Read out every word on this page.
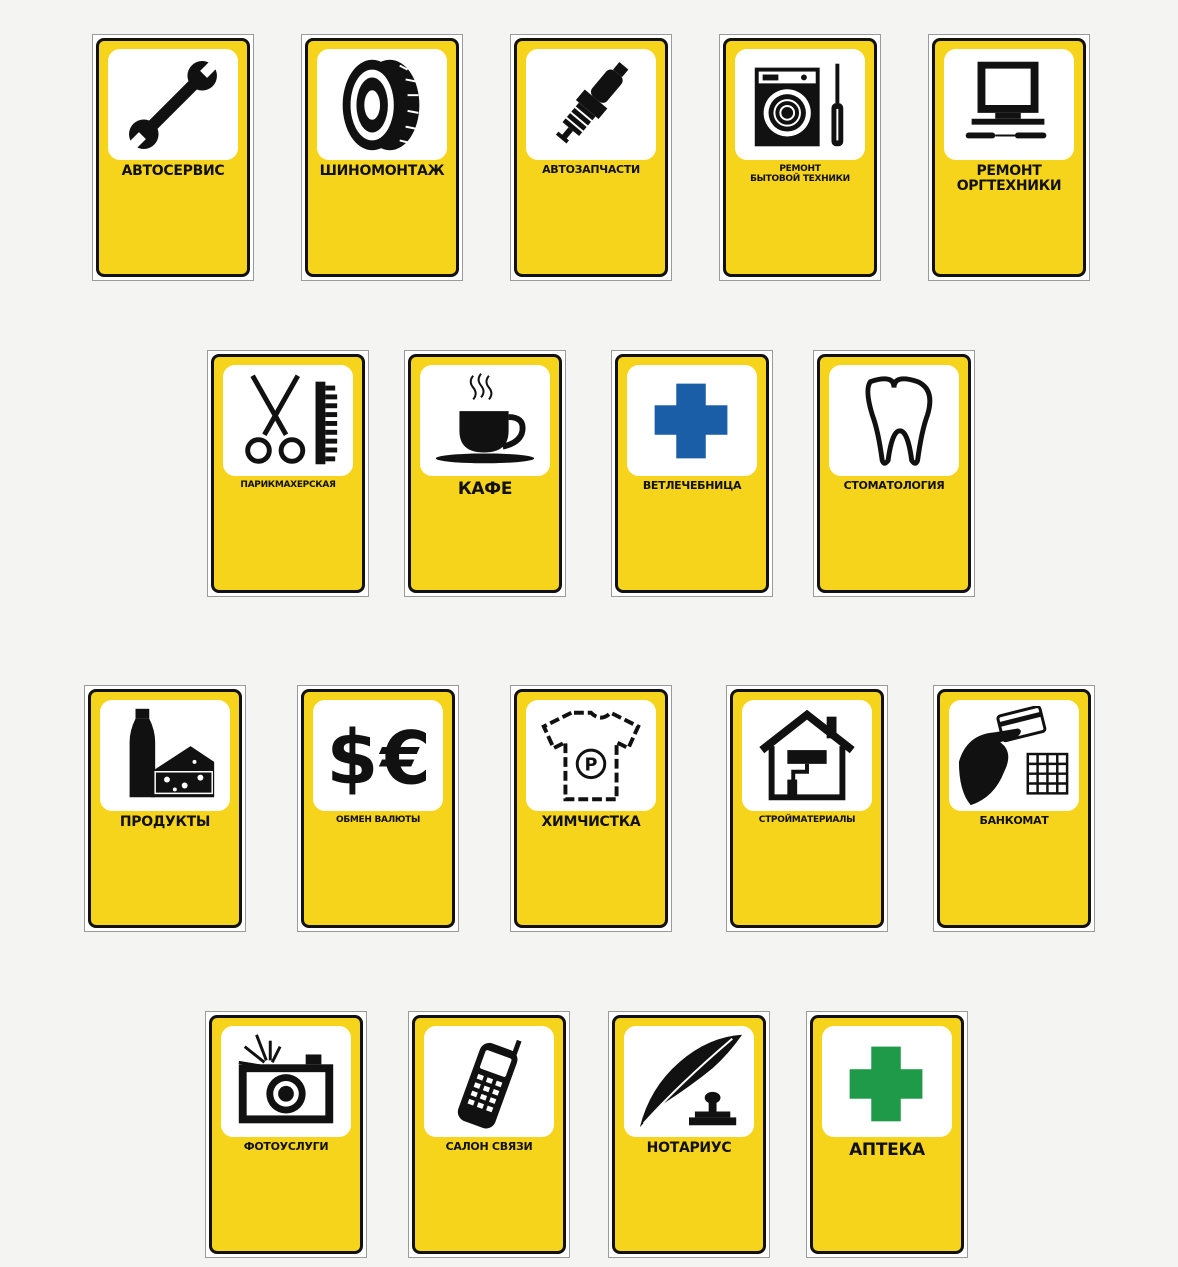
АВТОСЕРВИС	ШИНОМОНТАЖ	АВТОЗАПЧАСТИ	РЕМОНТ
БЫТОВОЙ ТЕХНИКИ	РЕМОНТ
ОРГТЕХНИКИ
ПАРИКМАХЕРСКАЯ	КАФЕ	ВЕТЛЕЧЕБНИЦА	СТОМАТОЛОГИЯ
ПРОДУКТЫ
$ €
ОБМЕН ВАЛЮТЫ
P
ХИМЧИСТКА	СТРОЙМАТЕРИАЛЫ	БАНКОМАТ
ФОТОУСЛУГИ	САЛОН СВЯЗИ	НОТАРИУС	АПТЕКА
